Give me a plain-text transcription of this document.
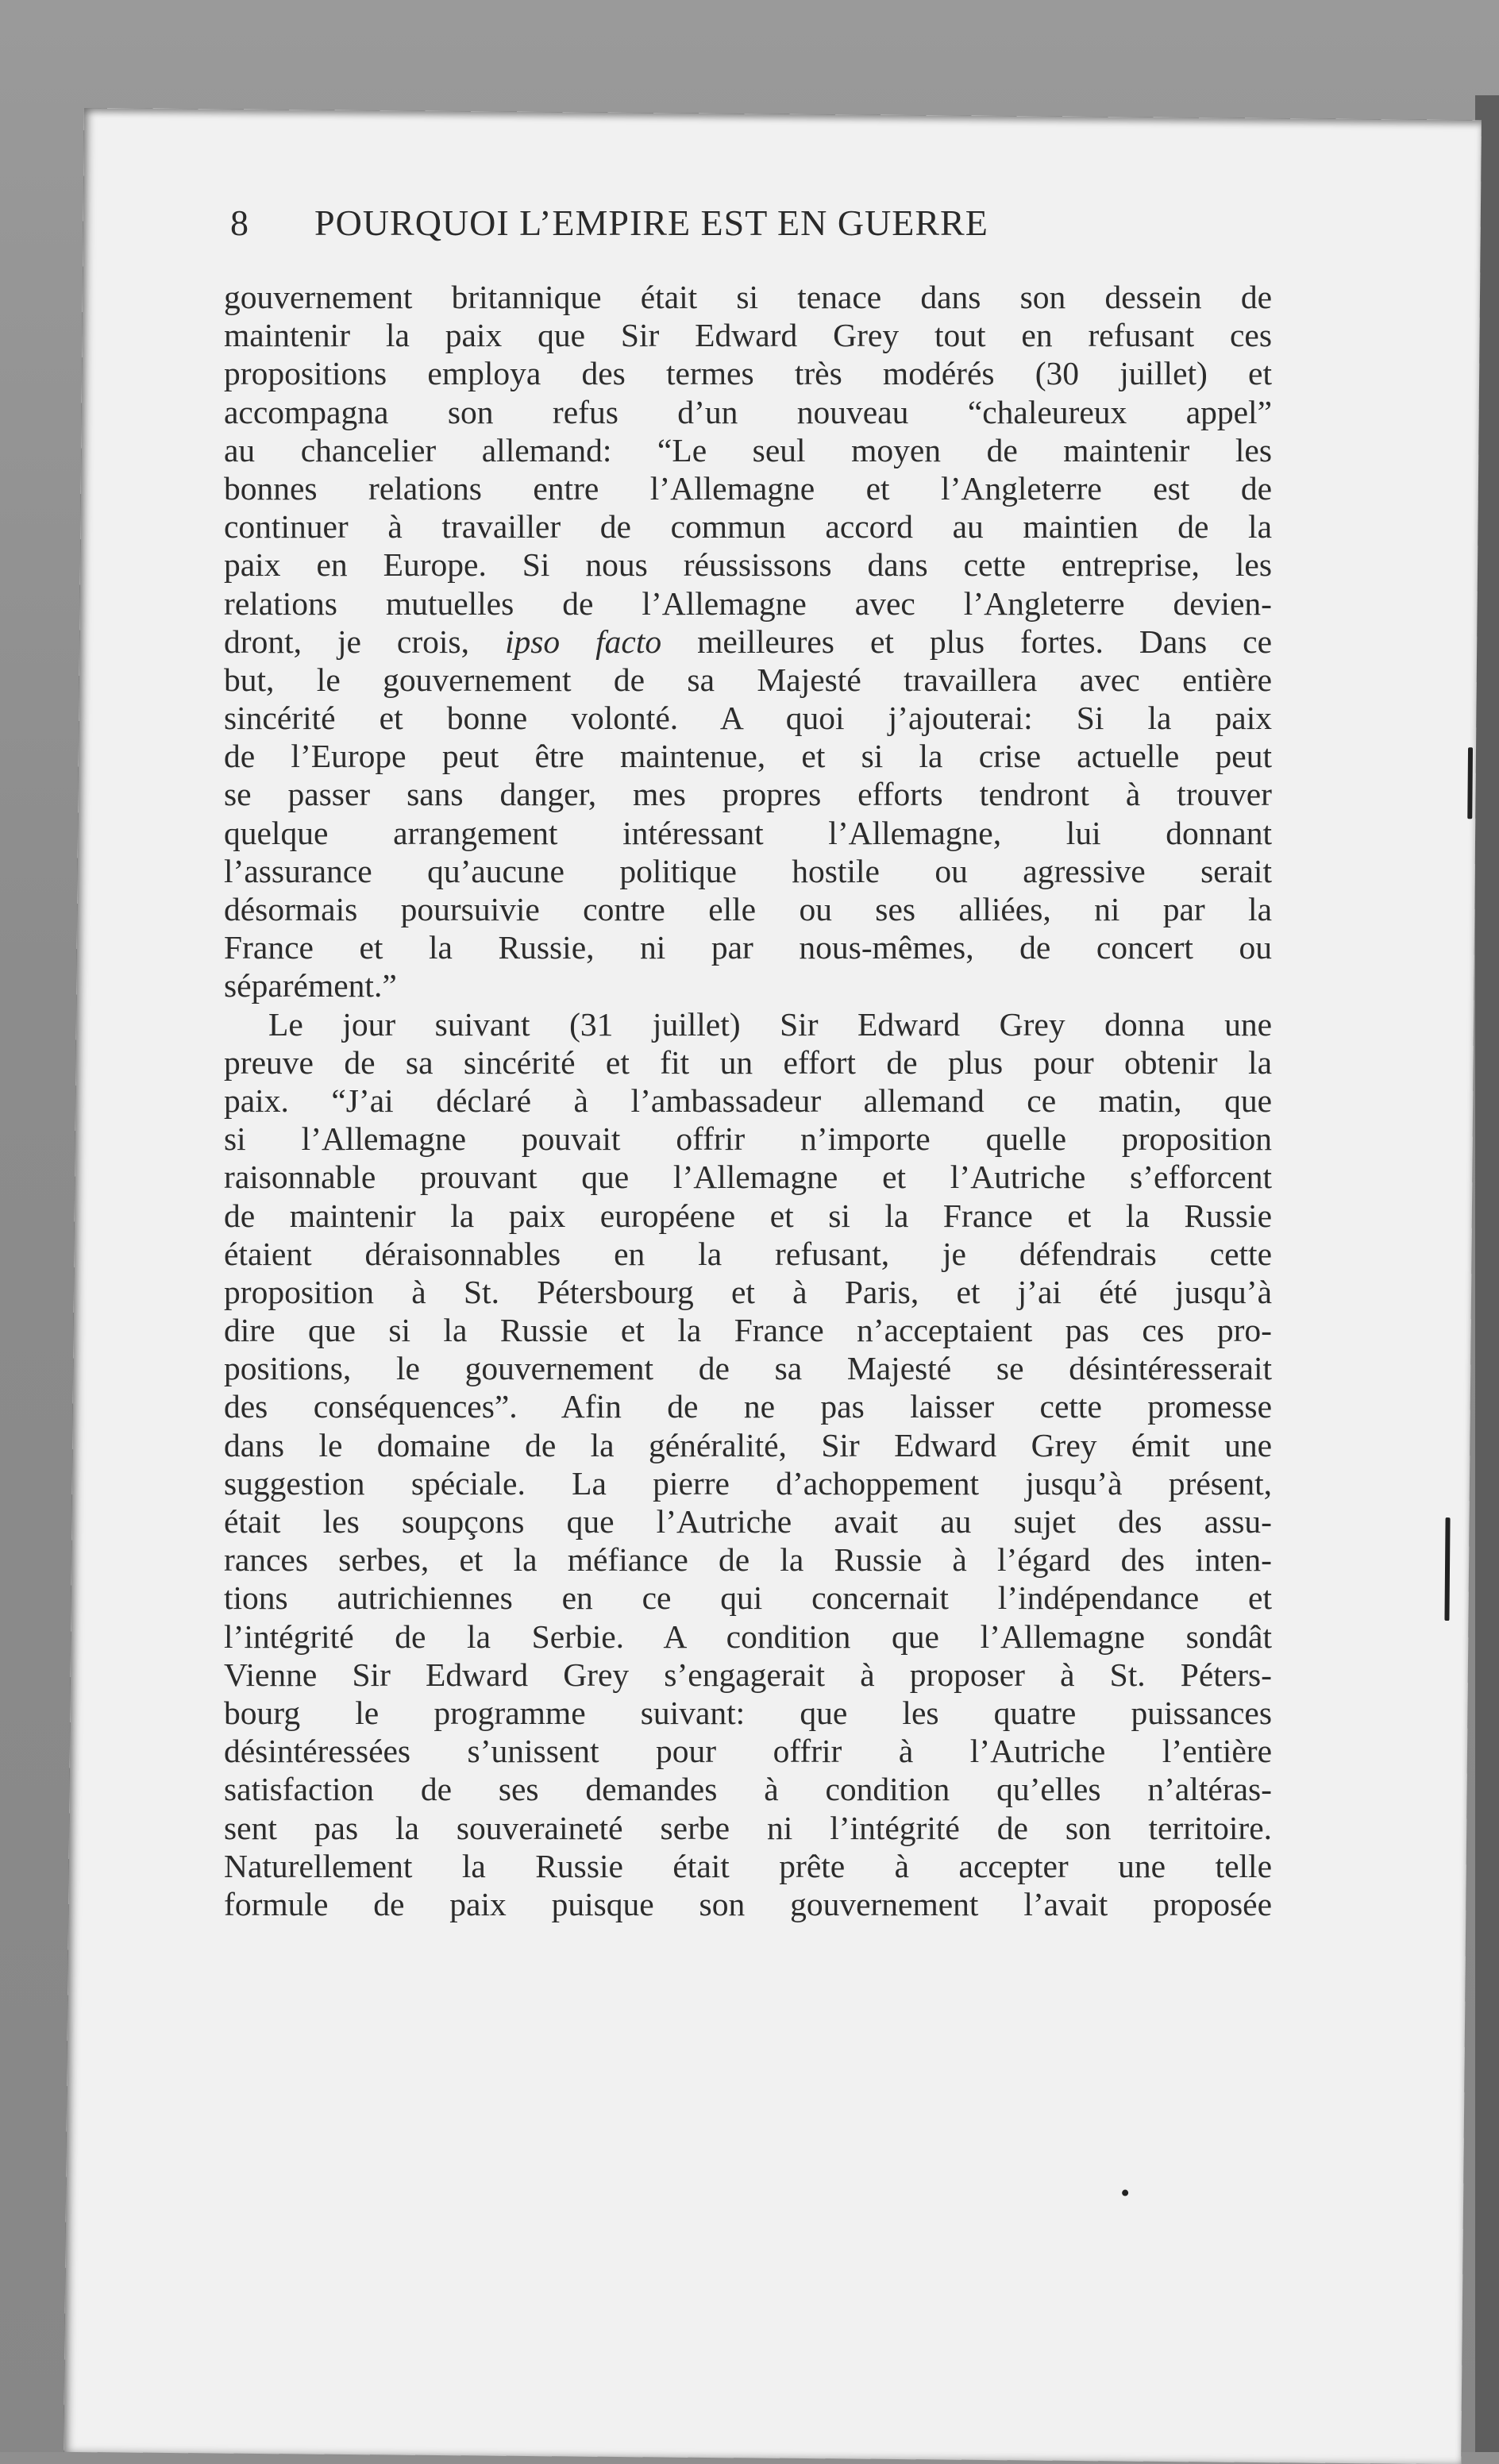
8 POURQUOI L’EMPIRE EST EN GUERRE
gouvernement britannique était si tenace dans son dessein de
maintenir la paix que Sir Edward Grey tout en refusant ces
propositions employa des termes très modérés (30 juillet) et
accompagna son refus d’un nouveau “chaleureux appel”
au chancelier allemand: “Le seul moyen de maintenir les
bonnes relations entre l’Allemagne et l’Angleterre est de
continuer à travailler de commun accord au maintien de la
paix en Europe. Si nous réussissons dans cette entreprise, les
relations mutuelles de l’Allemagne avec l’Angleterre devien-
dront, je crois, ipso facto meilleures et plus fortes. Dans ce
but, le gouvernement de sa Majesté travaillera avec entière
sincérité et bonne volonté. A quoi j’ajouterai: Si la paix
de l’Europe peut être maintenue, et si la crise actuelle peut
se passer sans danger, mes propres efforts tendront à trouver
quelque arrangement intéressant l’Allemagne, lui donnant
l’assurance qu’aucune politique hostile ou agressive serait
désormais poursuivie contre elle ou ses alliées, ni par la
France et la Russie, ni par nous-mêmes, de concert ou
séparément.”
Le jour suivant (31 juillet) Sir Edward Grey donna une
preuve de sa sincérité et fit un effort de plus pour obtenir la
paix. “J’ai déclaré à l’ambassadeur allemand ce matin, que
si l’Allemagne pouvait offrir n’importe quelle proposition
raisonnable prouvant que l’Allemagne et l’Autriche s’efforcent
de maintenir la paix européene et si la France et la Russie
étaient déraisonnables en la refusant, je défendrais cette
proposition à St. Pétersbourg et à Paris, et j’ai été jusqu’à
dire que si la Russie et la France n’acceptaient pas ces pro-
positions, le gouvernement de sa Majesté se désintéresserait
des conséquences”. Afin de ne pas laisser cette promesse
dans le domaine de la généralité, Sir Edward Grey émit une
suggestion spéciale. La pierre d’achoppement jusqu’à présent,
était les soupçons que l’Autriche avait au sujet des assu-
rances serbes, et la méfiance de la Russie à l’égard des inten-
tions autrichiennes en ce qui concernait l’indépendance et
l’intégrité de la Serbie. A condition que l’Allemagne sondât
Vienne Sir Edward Grey s’engagerait à proposer à St. Péters-
bourg le programme suivant: que les quatre puissances
désintéressées s’unissent pour offrir à l’Autriche l’entière
satisfaction de ses demandes à condition qu’elles n’altéras-
sent pas la souveraineté serbe ni l’intégrité de son territoire.
Naturellement la Russie était prête à accepter une telle
formule de paix puisque son gouvernement l’avait proposée
